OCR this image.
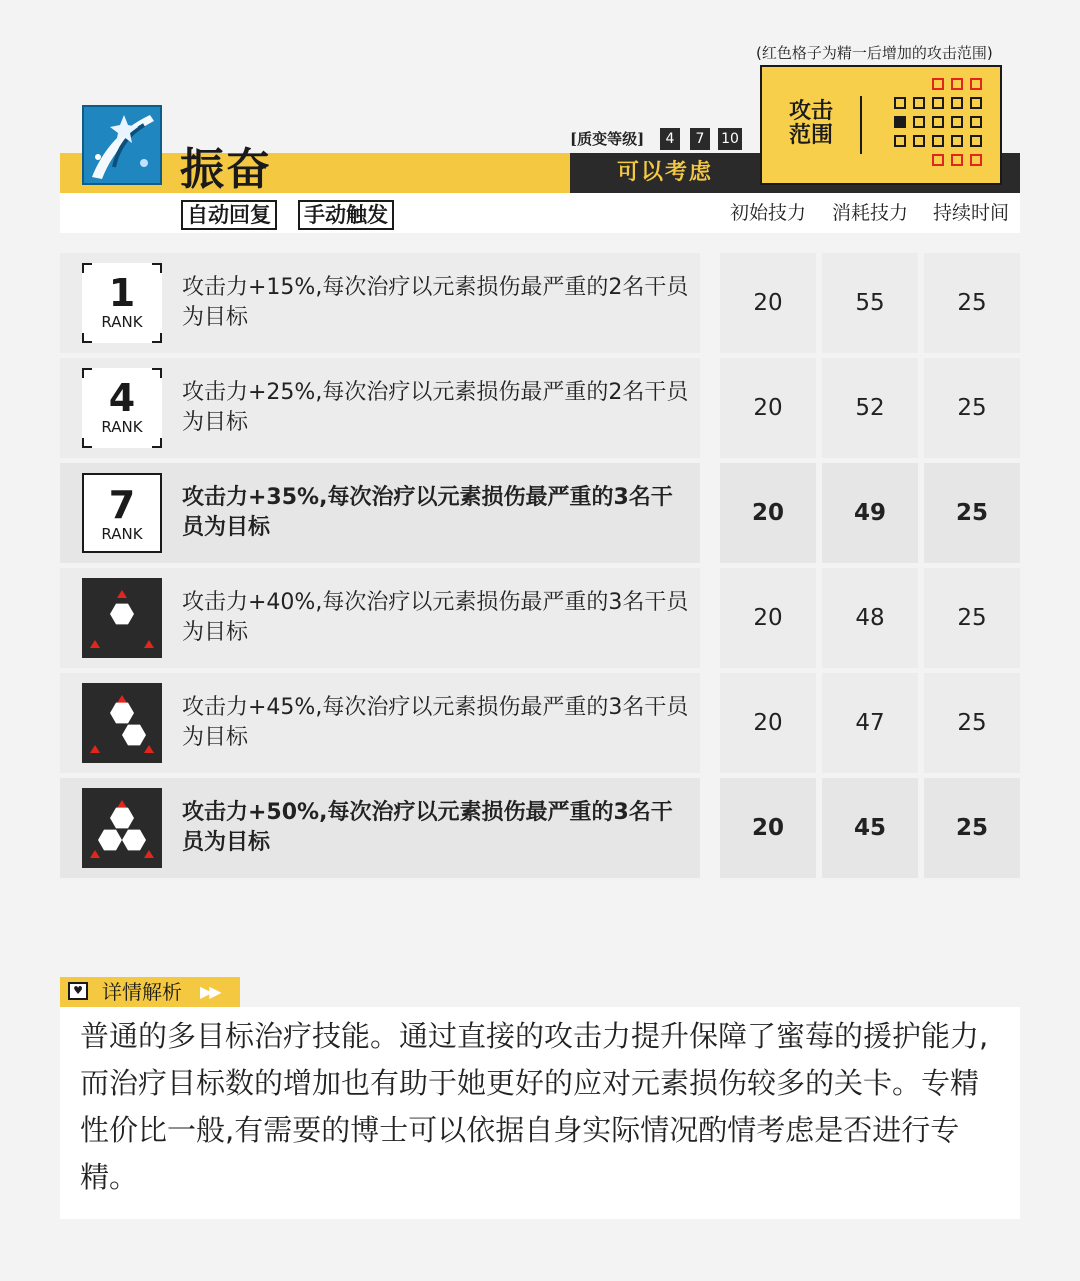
(红色格子为精一后增加的攻击范围)
可以考虑
振奋
[质变等级]	4	7	10
自动回复 手动触发	初始技力	消耗技力	持续时间
攻击范围
1
RANK
攻击力+15%,每次治疗以元素损伤最严重的2名干员为目标
20	55	25
4
RANK
攻击力+25%,每次治疗以元素损伤最严重的2名干员为目标
20	52	25
7
RANK
攻击力+35%,每次治疗以元素损伤最严重的3名干员为目标
20	49	25
攻击力+40%,每次治疗以元素损伤最严重的3名干员为目标
20	48	25
攻击力+45%,每次治疗以元素损伤最严重的3名干员为目标
20	47	25
攻击力+50%,每次治疗以元素损伤最严重的3名干员为目标
20	45	25
♥ 详情解析 ▶▶
普通的多目标治疗技能。通过直接的攻击力提升保障了蜜莓的援护能力,而治疗目标数的增加也有助于她更好的应对元素损伤较多的关卡。专精性价比一般,有需要的博士可以依据自身实际情况酌情考虑是否进行专精。
